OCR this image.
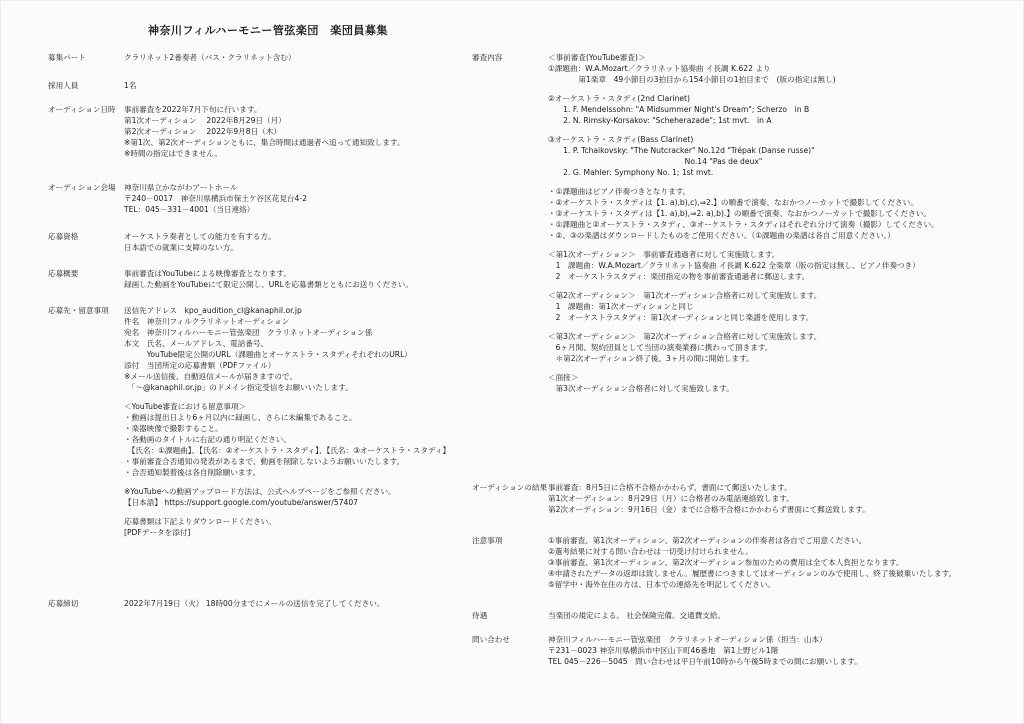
神奈川フィルハーモニー管弦楽団　楽団員募集
募集パート	クラリネット2番奏者（バス・クラリネット含む）
採用人員	1名
オーディション日時	事前審査を2022年7月下旬に行います。
第1次オーディション　 2022年8月29日（月）
第2次オーディション　 2022年9月8日（木）
※第1次、第2次オーディションともに、集合時間は通過者へ追って通知致します。
※時間の指定はできません。
オーディション会場	神奈川県立かながわアートホール
〒240－0017　神奈川県横浜市保土ケ谷区花見台4-2
TEL：045－331－4001（当日連絡）
応募資格	オーケストラ奏者としての能力を有する方。
日本語での就業に支障のない方。
応募概要	事前審査はYouTubeによる映像審査となります。
録画した動画をYouTubeにて限定公開し、URLを応募書類とともにお送りください。
応募先・留意事項	送信先アドレス　kpo_audition_cl@kanaphil.or.jp
件名　神奈川フィルクラリネットオーディション
宛名　神奈川フィルハーモニー管弦楽団　クラリネットオーディション係
本文　氏名、メールアドレス、電話番号、
　　　YouTube限定公開のURL（課題曲とオーケストラ・スタディそれぞれのURL）
添付　当団所定の応募書類（PDFファイル）
※メール送信後、自動返信メールが届きますので、
　「～@kanaphil.or.jp」のドメイン指定受信をお願いいたします。
＜YouTube審査における留意事項＞
・動画は提出日より6ヶ月以内に録画し、さらに未編集であること。
・楽器映像で撮影すること。
・各動画のタイトルに右記の通り明記ください。
　【氏名：①課題曲】、【氏名：②オーケストラ・スタディ】、【氏名：③オーケストラ・スタディ】
・事前審査合否通知の発表があるまで、動画を削除しないようお願いいたします。
・合否通知製着後は各自削除願います。
※YouTubeへの動画アップロード方法は、公式ヘルプページをご参照ください。
【日本語】 https://support.google.com/youtube/answer/57407
応募書類は下記よりダウンロードください。
[PDFデータを添付]
応募締切	2022年7月19日（火） 18時00分までにメールの送信を完了してください。
審査内容	＜事前審査(YouTube審査)＞
①課題曲：W.A.Mozart／クラリネット協奏曲 イ長調 K.622 より
　　　　第1楽章　49小節目の3拍目から154小節目の1拍目まで　(版の指定は無し)
②オーケストラ・スタディ(2nd Clarinet)
　　1. F. Mendelssohn: "A Midsummer Night's Dream"; Scherzo　in B
　　2. N. Rimsky-Korsakov: "Scheherazade"; 1st mvt.　in A
③オーケストラ・スタディ(Bass Clarinet)
　　1. P. Tchaikovsky: "The Nutcracker" No.12d "Trépak (Danse russe)"
　　　　　　　　　　　　　　　　　　No.14 "Pas de deux"
　　2. G. Mahler: Symphony No. 1; 1st mvt.
・①課題曲はピアノ伴奏つきとなります。
・②オーケストラ・スタディは【1. a),b),c),⇒2.】の順番で演奏、なおかつノーカットで撮影してください。
・③オーケストラ・スタディは【1. a),b),⇒2. a),b).】の順番で演奏、なおかつノーカットで撮影してください。
・①課題曲と②オーケストラ・スタディ、③オーケストラ・スタディはそれぞれ分けて演奏（撮影）してください。
・②、③の楽譜はダウンロードしたものをご使用ください。（①課題曲の楽譜は各自ご用意ください。）
＜第1次オーディション＞　事前審査通過者に対して実施致します。
　1　課題曲：W.A.Mozart／クラリネット協奏曲 イ長調 K.622 全楽章（版の指定は無し、ピアノ伴奏つき）
　2　オーケストラスタディ：楽団指定の物を事前審査通過者に郵送します。
＜第2次オーディション＞　第1次オーディション合格者に対して実施致します。
　1　課題曲：第1次オーディションと同じ
　2　オーケストラスタディ：第1次オーディションと同じ楽譜を使用します。
＜第3次オーディション＞　第2次オーディション合格者に対して実施致します。
　6ヶ月間、契約団員として当団の演奏業務に携わって頂きます。
　＊第2次オーディション終了後、3ヶ月の間に開始します。
＜面接＞
　第3次オーディション合格者に対して実施致します。
オーディションの結果 事前審査：8月5日に合格不合格かかわらず、書面にて郵送いたします。
第1次オーディション：8月29日（月）に合格者のみ電話連絡致します。
第2次オーディション：9月16日（金）までに合格不合格にかかわらず書面にて郵送致します。
注意事項	①事前審査、第1次オーディション、第2次オーディションの伴奏者は各自でご用意ください。
②選考結果に対する問い合わせは一切受け付けられません。
③事前審査、第1次オーディション、第2次オーディション参加のための費用は全て本人負担となります。
④申請されたデータの返却は致しません。履歴書につきましてはオーディションのみで使用し、終了後破棄いたします。
⑤留学中・海外在住の方は、日本での連絡先を明記してください。
待遇	当楽団の規定による。 社会保険完備。交通費支給。
問い合わせ	神奈川フィルハーモニー管弦楽団　クラリネットオーディション係（担当：山本）
〒231－0023 神奈川県横浜市中区山下町46番地　第1上野ビル1階
TEL 045－226－5045　問い合わせは平日午前10時から午後5時までの間にお願いします。
